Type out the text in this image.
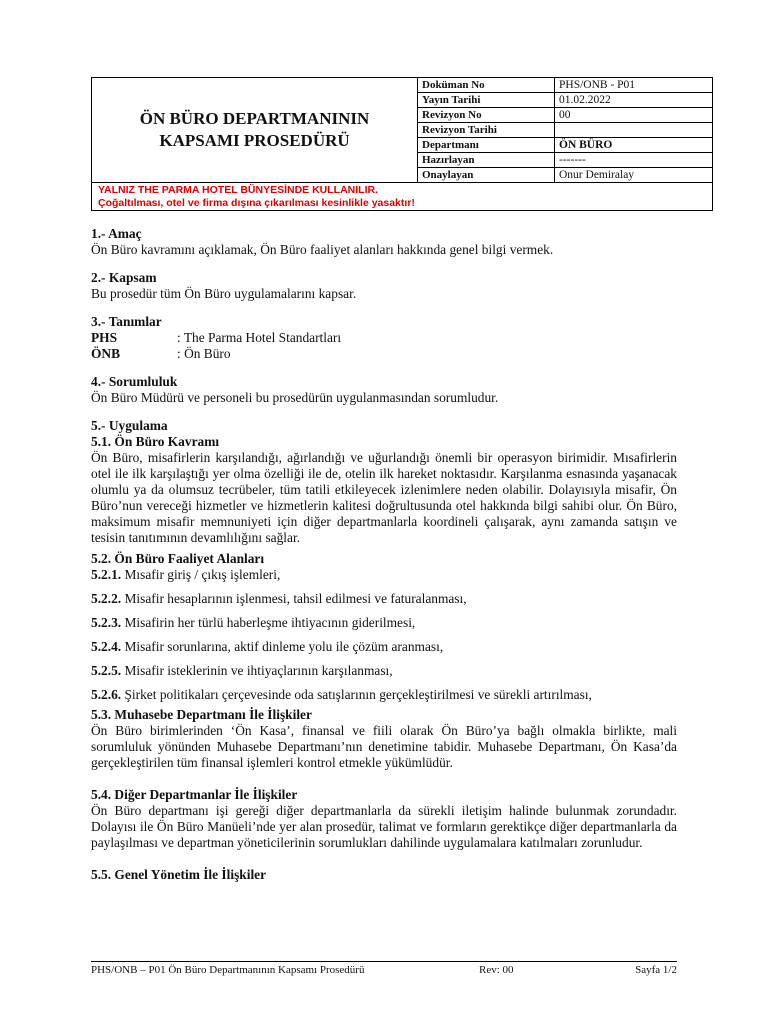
ÖN BÜRO DEPARTMANININ
KAPSAMI PROSEDÜRÜ
Doküman No	PHS/ONB - P01
Yayın Tarihi	01.02.2022
Revizyon No	00
Revizyon Tarihi	
Departmanı	ÖN BÜRO
Hazırlayan	-------
Onaylayan	Onur Demiralay
YALNIZ THE PARMA HOTEL BÜNYESİNDE KULLANILIR.
Çoğaltılması, otel ve firma dışına çıkarılması kesinlikle yasaktır!
1.- Amaç

Ön Büro kavramını açıklamak, Ön Büro faaliyet alanları hakkında genel bilgi vermek.

2.- Kapsam

Bu prosedür tüm Ön Büro uygulamalarını kapsar.

3.- Tanımlar
PHS	: The Parma Hotel Standartları
ÖNB	: Ön Büro
4.- Sorumluluk

Ön Büro Müdürü ve personeli bu prosedürün uygulanmasından sorumludur.

5.- Uygulama
5.1. Ön Büro Kavramı

Ön Büro, misafirlerin karşılandığı, ağırlandığı ve uğurlandığı önemli bir operasyon birimidir. Mısafirlerin otel ile ilk karşılaştığı yer olma özelliği ile de, otelin ilk hareket noktasıdır. Karşılanma esnasında yaşanacak olumlu ya da olumsuz tecrübeler, tüm tatili etkileyecek izlenimlere neden olabilir. Dolayısıyla misafir, Ön Büro’nun vereceği hizmetler ve hizmetlerin kalitesi doğrultusunda otel hakkında bilgi sahibi olur. Ön Büro, maksimum misafir memnuniyeti için diğer departmanlarla koordineli çalışarak, aynı zamanda satışın ve tesisin tanıtımının devamlılığını sağlar.

5.2. Ön Büro Faaliyet Alanları
5.2.1. Mısafir giriş / çıkış işlemleri,
5.2.2. Misafir hesaplarının işlenmesi, tahsil edilmesi ve faturalanması,
5.2.3. Misafirin her türlü haberleşme ihtiyacının giderilmesi,
5.2.4. Misafir sorunlarına, aktif dinleme yolu ile çözüm aranması,
5.2.5. Misafir isteklerinin ve ihtiyaçlarının karşılanması,
5.2.6. Şirket politikaları çerçevesinde oda satışlarının gerçekleştirilmesi ve sürekli artırılması,
5.3. Muhasebe Departmanı İle İlişkiler

Ön Büro birimlerinden ‘Ön Kasa’, finansal ve fiili olarak Ön Büro’ya bağlı olmakla birlikte, mali sorumluluk yönünden Muhasebe Departmanı’nın denetimine tabidir. Muhasebe Departmanı, Ön Kasa’da gerçekleştirilen tüm finansal işlemleri kontrol etmekle yükümlüdür.

5.4. Diğer Departmanlar İle İlişkiler

Ön Büro departmanı işi gereği diğer departmanlarla da sürekli iletişim halinde bulunmak zorundadır. Dolayısı ile Ön Büro Manüeli’nde yer alan prosedür, talimat ve formların gerektikçe diğer departmanlarla da paylaşılması ve departman yöneticilerinin sorumlukları dahilinde uygulamalara katılmaları zorunludur.

5.5. Genel Yönetim İle İlişkiler
PHS/ONB – P01 Ön Büro Departmanının Kapsamı Prosedürü	Rev: 00	Sayfa 1/2
